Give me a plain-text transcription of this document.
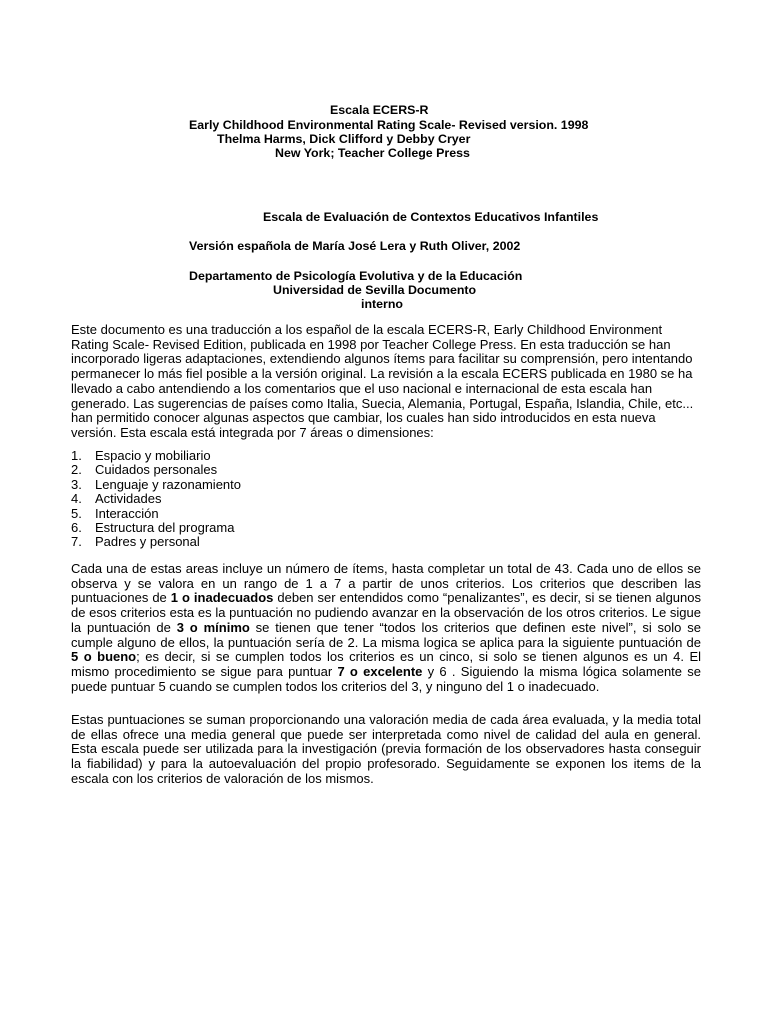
Escala ECERS-R
Early Childhood Environmental Rating Scale- Revised version. 1998
Thelma Harms, Dick Clifford y Debby Cryer
New York; Teacher College Press
Escala de Evaluación de Contextos Educativos Infantiles
Versión española de María José Lera y Ruth Oliver, 2002
Departamento de Psicología Evolutiva y de la Educación
Universidad de Sevilla Documento
interno
Este documento es una traducción a los español de la escala ECERS-R, Early Childhood Environment Rating Scale- Revised Edition, publicada en 1998 por Teacher College Press. En esta traducción se han incorporado ligeras adaptaciones, extendiendo algunos ítems para facilitar su comprensión, pero intentando permanecer lo más fiel posible a la versión original. La revisión a la escala ECERS publicada en 1980 se ha llevado a cabo antendiendo a los comentarios que el uso nacional e internacional de esta escala han generado. Las sugerencias de países como Italia, Suecia, Alemania, Portugal, España, Islandia, Chile, etc... han permitido conocer algunas aspectos que cambiar, los cuales han sido introducidos en esta nueva versión. Esta escala está integrada por 7 áreas o dimensiones:
1. Espacio y mobiliario
2. Cuidados personales
3. Lenguaje y razonamiento
4. Actividades
5. Interacción
6. Estructura del programa
7. Padres y personal
Cada una de estas areas incluye un número de ítems, hasta completar un total de 43. Cada uno de ellos se observa y se valora en un rango de 1 a 7 a partir de unos criterios. Los criterios que describen las puntuaciones de 1 o inadecuados deben ser entendidos como “penalizantes”, es decir, si se tienen algunos de esos criterios esta es la puntuación no pudiendo avanzar en la observación de los otros criterios. Le sigue la puntuación de 3 o mínimo se tienen que tener “todos los criterios que definen este nivel”, si solo se cumple alguno de ellos, la puntuación sería de 2. La misma logica se aplica para la siguiente puntuación de 5 o bueno; es decir, si se cumplen todos los criterios es un cinco, si solo se tienen algunos es un 4. El mismo procedimiento se sigue para puntuar 7 o excelente y 6 . Siguiendo la misma lógica solamente se puede puntuar 5 cuando se cumplen todos los criterios del 3, y ninguno del 1 o inadecuado.
Estas puntuaciones se suman proporcionando una valoración media de cada área evaluada, y la media total de ellas ofrece una media general que puede ser interpretada como nivel de calidad del aula en general. Esta escala puede ser utilizada para la investigación (previa formación de los observadores hasta conseguir la fiabilidad) y para la autoevaluación del propio profesorado. Seguidamente se exponen los items de la escala con los criterios de valoración de los mismos.
